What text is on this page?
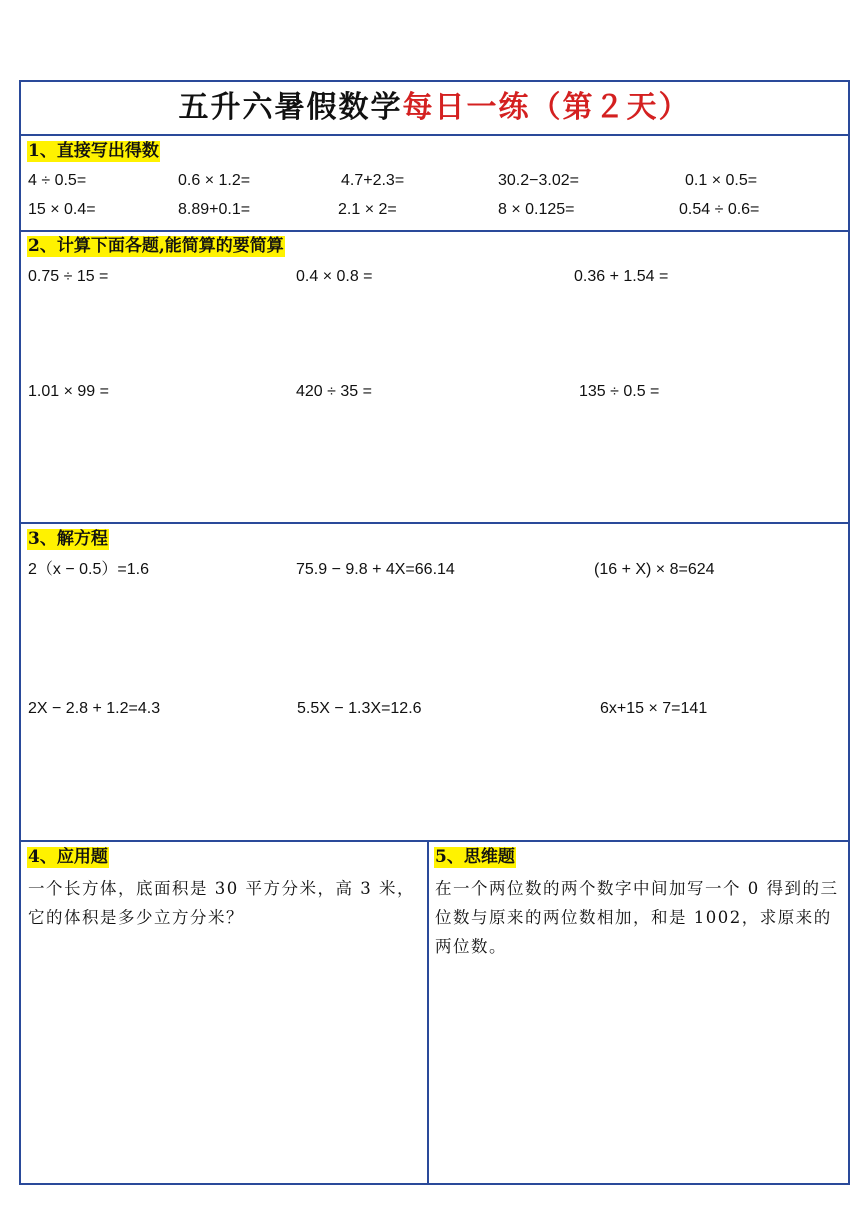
五升六暑假数学每日一练（第２天）
1、直接写出得数
4 ÷ 0.5=	0.6 × 1.2=	4.7+2.3=	30.2−3.02=	0.1 × 0.5=
15 × 0.4=	8.89+0.1=	2.1 × 2=	8 × 0.125=	0.54 ÷ 0.6=
2、计算下面各题,能简算的要简算
0.75 ÷ 15 =	0.4 × 0.8 =	0.36 + 1.54 =
1.01 × 99 =	420 ÷ 35 =	135 ÷ 0.5 =
3、解方程
2（x − 0.5）=1.6	75.9 − 9.8 + 4X=66.14	(16 + X) × 8=624
2X − 2.8 + 1.2=4.3	5.5X − 1.3X=12.6	6x+15 × 7=141
4、应用题
一个长方体，底面积是 30 平方分米，高 3 米，它的体积是多少立方分米？
5、思维题
在一个两位数的两个数字中间加写一个 0 得到的三位数与原来的两位数相加，和是 1002，求原来的两位数。
